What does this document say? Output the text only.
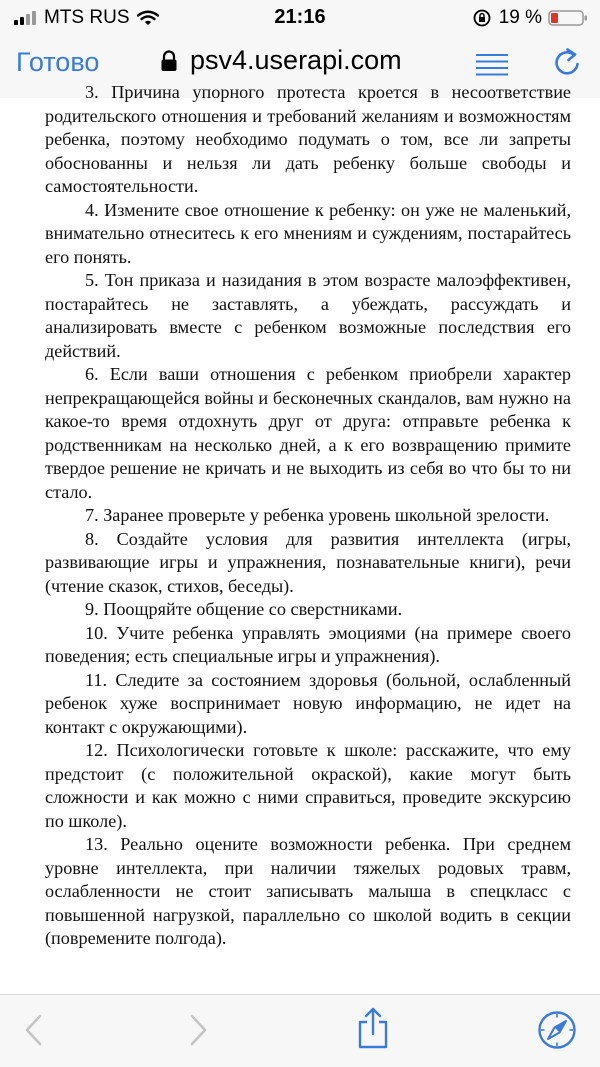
MTS RUS	21:16	19 %
Готово	psv4.userapi.com

3. Причина упорного протеста кроется в несоответствие родительского отношения и требований желаниям и возможностям ребенка, поэтому необходимо подумать о том, все ли запреты обоснованны и нельзя ли дать ребенку больше свободы и самостоятельности.

4. Измените свое отношение к ребенку: он уже не маленький, внимательно отнеситесь к его мнениям и суждениям, постарайтесь его понять.

5. Тон приказа и назидания в этом возрасте малоэффективен, постарайтесь не заставлять, а убеждать, рассуждать и анализировать вместе с ребенком возможные последствия его действий.

6. Если ваши отношения с ребенком приобрели характер непрекращающейся войны и бесконечных скандалов, вам нужно на какое-то время отдохнуть друг от друга: отправьте ребенка к родственникам на несколько дней, а к его возвращению примите твердое решение не кричать и не выходить из себя во что бы то ни стало.

7. Заранее проверьте у ребенка уровень школьной зрелости.

8. Создайте условия для развития интеллекта (игры, развивающие игры и упражнения, познавательные книги), речи (чтение сказок, стихов, беседы).

9. Поощряйте общение со сверстниками.

10. Учите ребенка управлять эмоциями (на примере своего поведения; есть специальные игры и упражнения).

11. Следите за состоянием здоровья (больной, ослабленный ребенок хуже воспринимает новую информацию, не идет на контакт с окружающими).

12. Психологически готовьте к школе: расскажите, что ему предстоит (с положительной окраской), какие могут быть сложности и как можно с ними справиться, проведите экскурсию по школе).

13. Реально оцените возможности ребенка. При среднем уровне интеллекта, при наличии тяжелых родовых травм, ослабленности не стоит записывать малыша в спецкласс с повышенной нагрузкой, параллельно со школой водить в секции (повремените полгода).
